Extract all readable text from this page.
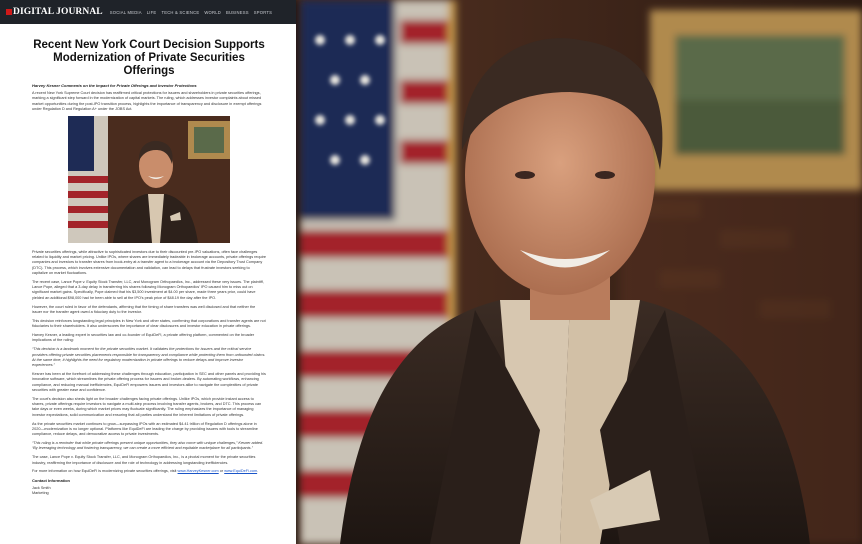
DIGITAL JOURNAL SOCIAL MEDIA LIFE TECH & SCIENCE WORLD BUSINESS SPORTS
Recent New York Court Decision Supports Modernization of Private Securities Offerings
Harvey Kesner Comments on the Impact for Private Offerings and Investor Protections

A recent New York Supreme Court decision has reaffirmed critical protections for issuers and shareholders in private securities offerings, marking a significant step forward in the modernization of capital markets. The ruling, which addresses investor complaints about missed market opportunities during the post-IPO transition process, highlights the importance of transparency and disclosure in exempt offerings under Regulation D and Regulation A+ under the JOBS Act.

Private securities offerings, while attractive to sophisticated investors due to their discounted pre-IPO valuations, often face challenges related to liquidity and market pricing. Unlike IPOs, where shares are immediately tradeable in brokerage accounts, private offerings require companies and investors to transfer shares from book-entry at a transfer agent to a brokerage account via the Depository Trust Company (DTC). This process, which involves extensive documentation and validation, can lead to delays that frustrate investors seeking to capitalize on market fluctuations.

The recent case, Lance Pope v. Equity Stock Transfer, LLC, and Monogram Orthopaedics, Inc., addressed these very issues. The plaintiff, Lance Pope, alleged that a 3-day delay in transferring his shares following Monogram Orthopaedics' IPO caused him to miss out on significant market gains. Specifically, Pope claimed that his $3,500 investment at $4.00 per share, made three years prior, could have yielded an additional $98,000 had he been able to sell at the IPO's peak price of $48.19 the day after the IPO.

However, the court ruled in favor of the defendants, affirming that the timing of share transfers was well disclosed and that neither the issuer nor the transfer agent owed a fiduciary duty to the investor.

This decision reinforces longstanding legal principles in New York and other states, confirming that corporations and transfer agents are not fiduciaries to their shareholders. It also underscores the importance of clear disclosures and investor education in private offerings.

Harvey Kesner, a leading expert in securities law and co-founder of EquiDeFi, a private offering platform, commented on the broader implications of the ruling:

“This decision is a landmark moment for the private securities market. It validates the protections for issuers and the critical service providers offering private securities placements responsible for transparency and compliance while protecting them from unfounded claims. At the same time, it highlights the need for regulatory modernization in private offerings to reduce delays and improve investor experiences.”

Kesner has been at the forefront of addressing these challenges through education, participation in SEC and other panels and providing his innovative software, which streamlines the private offering process for issuers and broker-dealers. By automating workflows, enhancing compliance, and reducing manual inefficiencies, EquiDeFi empowers issuers and investors alike to navigate the complexities of private securities with greater ease and confidence.

The court's decision also sheds light on the broader challenges facing private offerings. Unlike IPOs, which provide instant access to shares, private offerings require investors to navigate a multi-step process involving transfer agents, brokers, and DTC. This process can take days or even weeks, during which market prices may fluctuate significantly. The ruling emphasizes the importance of managing investor expectations, solid communication and ensuring that all parties understand the inherent limitations of private offerings.

As the private securities market continues to grow—surpassing IPOs with an estimated $4.41 trillion of Regulation D offerings alone in 2020—modernization is no longer optional. Platforms like EquiDeFi are leading the charge by providing issuers with tools to streamline compliance, reduce delays, and democratize access to private investments.

“This ruling is a reminder that while private offerings present unique opportunities, they also come with unique challenges,” Kesner added. “By leveraging technology and fostering transparency, we can create a more efficient and equitable marketplace for all participants.”

The case, Lance Pope v. Equity Stock Transfer, LLC, and Monogram Orthopaedics, Inc., is a pivotal moment for the private securities industry, reaffirming the importance of disclosure and the role of technology in addressing longstanding inefficiencies.

For more information on how EquiDeFi is modernizing private securities offerings, visit www.HarveyKesner.com or www.EquiDeFi.com.

Contact Information
Jack Smith
Marketing
